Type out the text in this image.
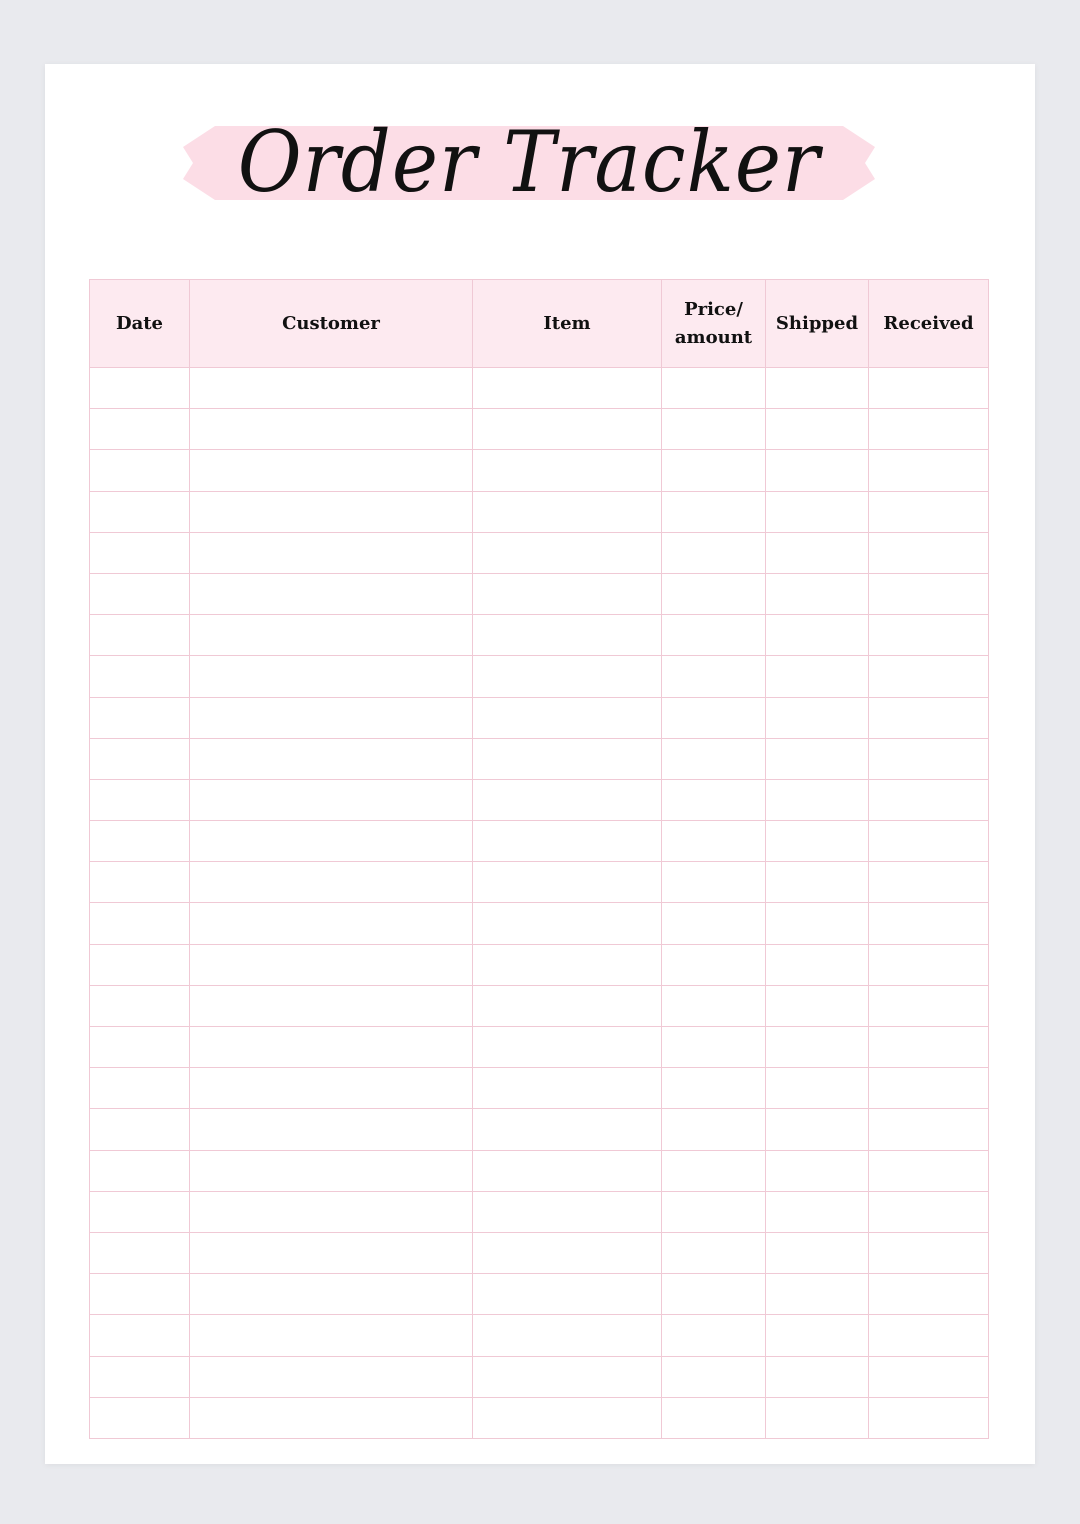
Order Tracker
Date	Customer	Item	Price/ amount	Shipped	Received
